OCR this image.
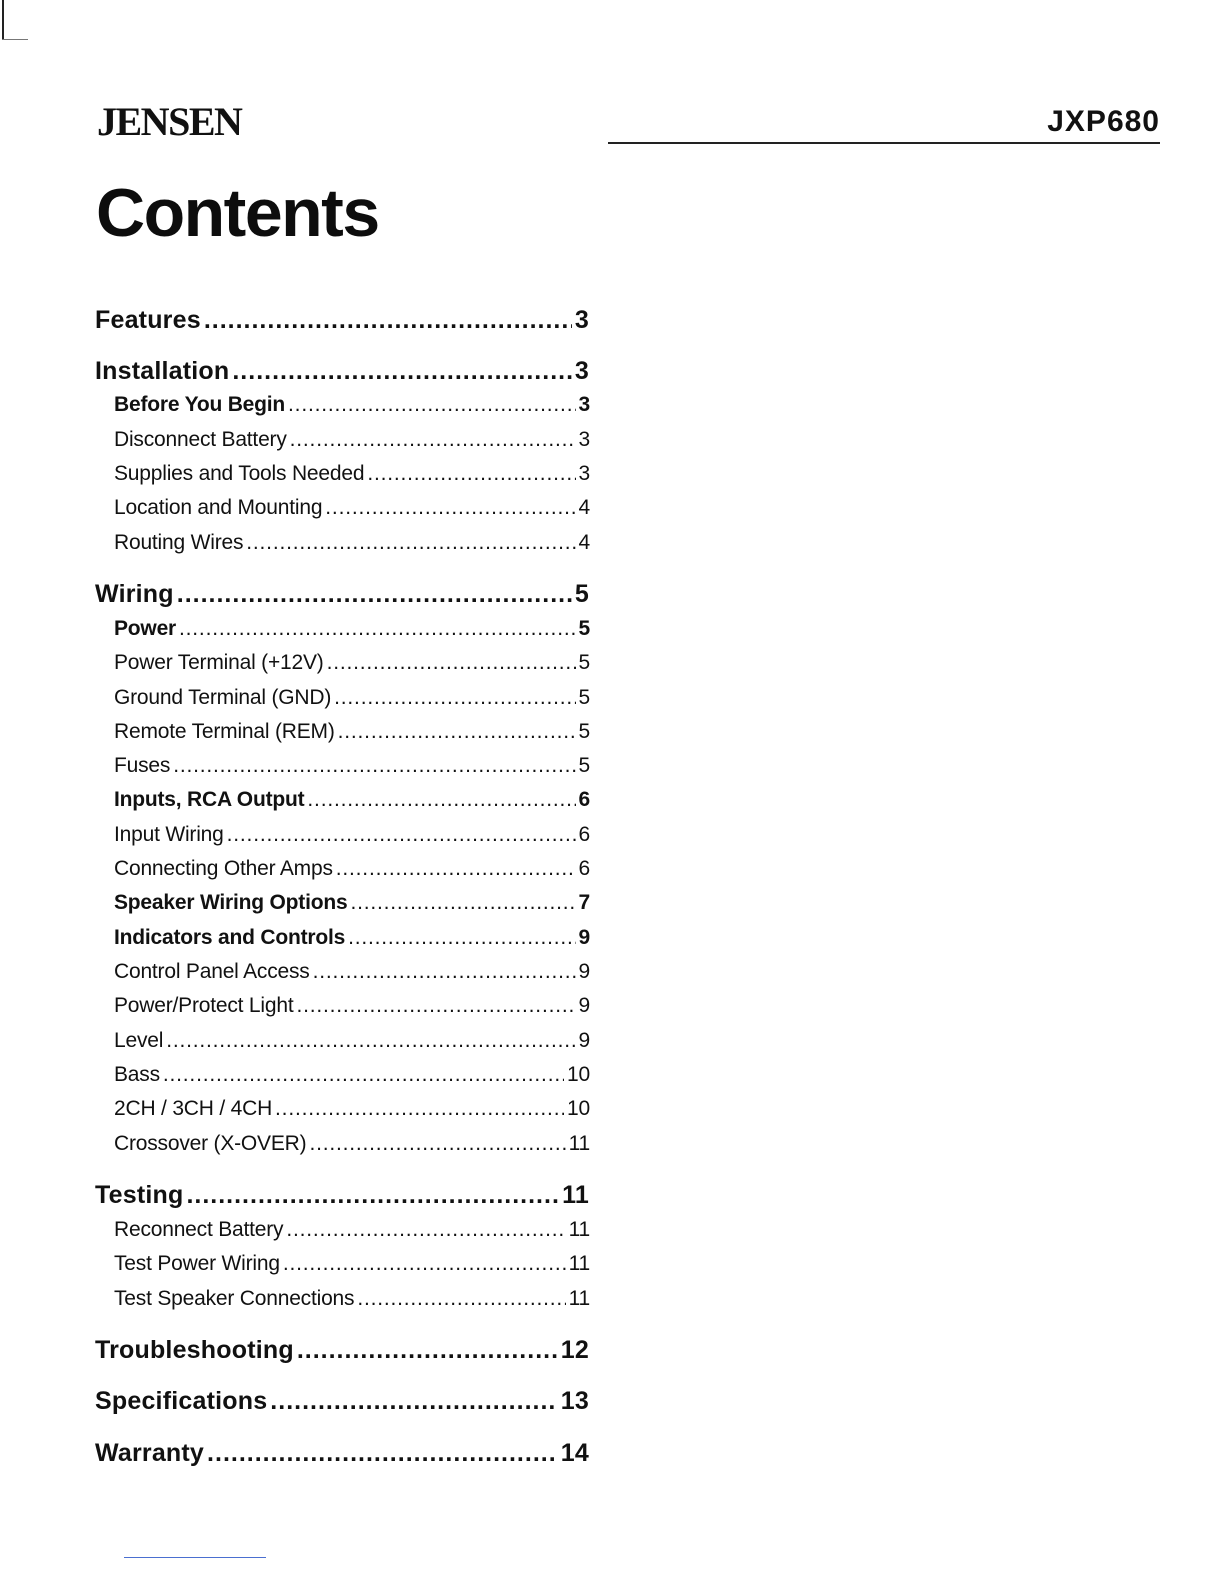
JENSEN	JXP680
Contents
Features .....	3
Installation .....	3
Before You Begin .....	3
Disconnect Battery .....	3
Supplies and Tools Needed .....	3
Location and Mounting .....	4
Routing Wires .....	4
Wiring .....	5
Power .....	5
Power Terminal (+12V) .....	5
Ground Terminal (GND) .....	5
Remote Terminal (REM) .....	5
Fuses .....	5
Inputs, RCA Output .....	6
Input Wiring .....	6
Connecting Other Amps .....	6
Speaker Wiring Options .....	7
Indicators and Controls .....	9
Control Panel Access .....	9
Power/Protect Light .....	9
Level .....	9
Bass .....	10
2CH / 3CH / 4CH .....	10
Crossover (X-OVER) .....	11
Testing .....	11
Reconnect Battery .....	11
Test Power Wiring .....	11
Test Speaker Connections .....	11
Troubleshooting .....	12
Specifications .....	13
Warranty .....	14
